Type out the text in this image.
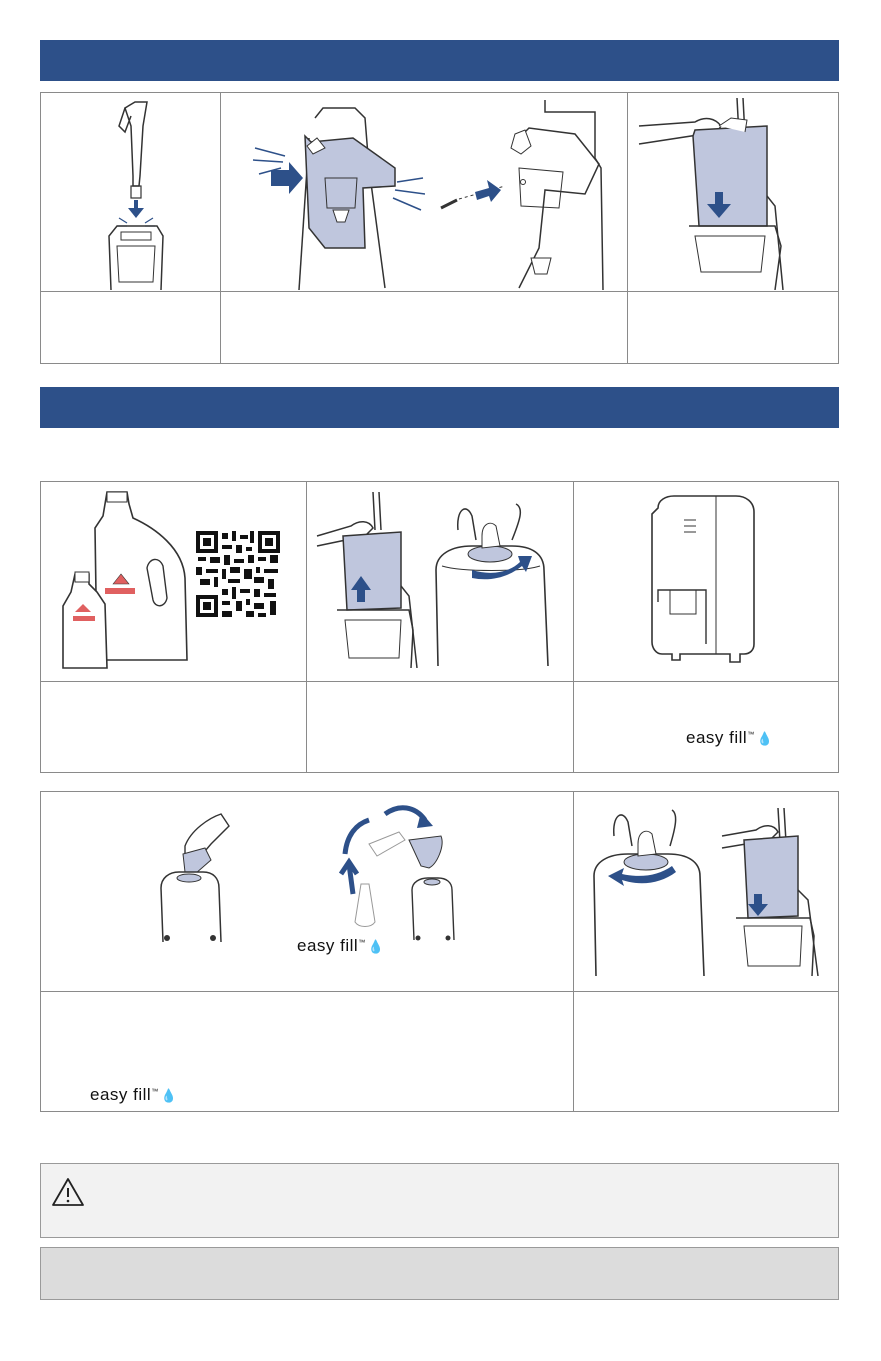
easy fill™ 💧
easy fill™ 💧
easy fill™ 💧
